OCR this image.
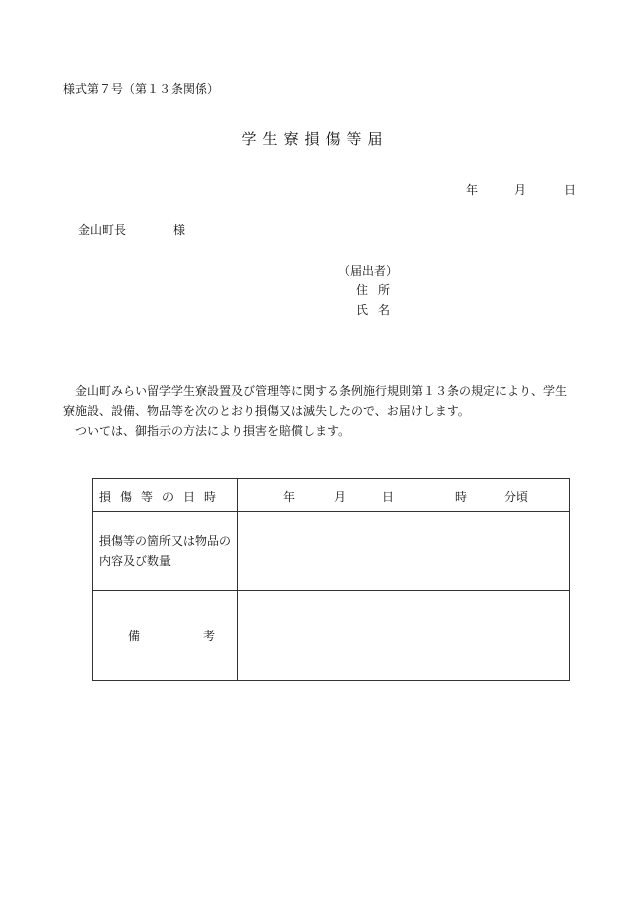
様式第７号（第１３条関係）
学生寮損傷等届
年	月	日
金山町長	様
（届出者）
住所
氏名

金山町みらい留学学生寮設置及び管理等に関する条例施行規則第１３条の規定により、学生寮施設、設備、物品等を次のとおり損傷又は滅失したので、お届けします。

ついては、御指示の方法により損害を賠償します。

損傷等の日時	年	月	日	時	分頃
損傷等の箇所又は物品の内容及び数量
備	考
